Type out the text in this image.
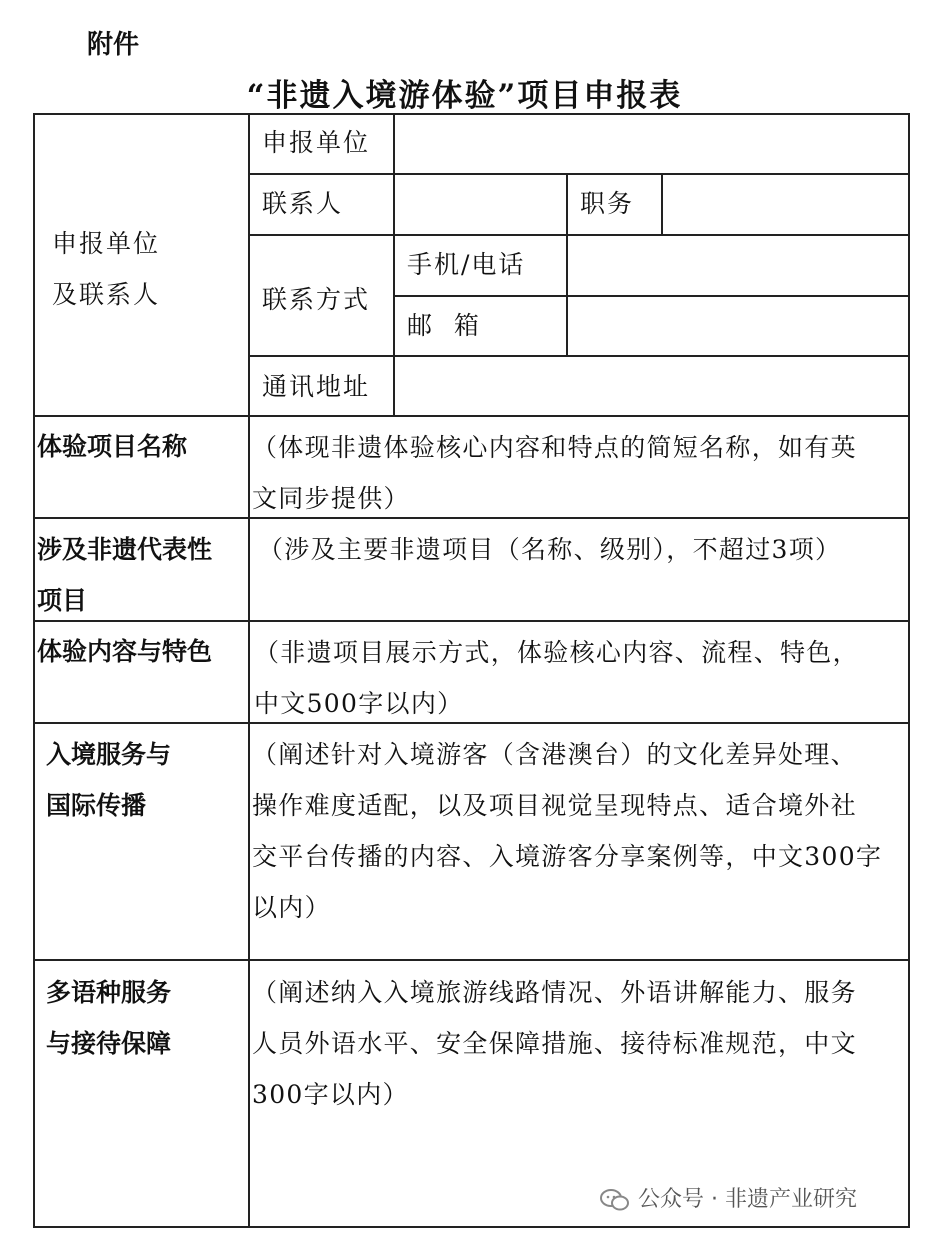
附件
“非遗入境游体验”项目申报表
申报单位
及联系人
申报单位
联系人	职务
联系方式
手机/电话
邮  箱
通讯地址
体验项目名称	（体现非遗体验核心内容和特点的简短名称，如有英
文同步提供）
涉及非遗代表性
项目
（涉及主要非遗项目（名称、级别），不超过3项）
体验内容与特色 （非遗项目展示方式，体验核心内容、流程、特色，
中文500字以内）
入境服务与
国际传播
（阐述针对入境游客（含港澳台）的文化差异处理、
操作难度适配，以及项目视觉呈现特点、适合境外社
交平台传播的内容、入境游客分享案例等，中文300字
以内）
多语种服务
与接待保障
（阐述纳入入境旅游线路情况、外语讲解能力、服务
人员外语水平、安全保障措施、接待标准规范，中文
300字以内）
公众号 · 非遗产业研究
